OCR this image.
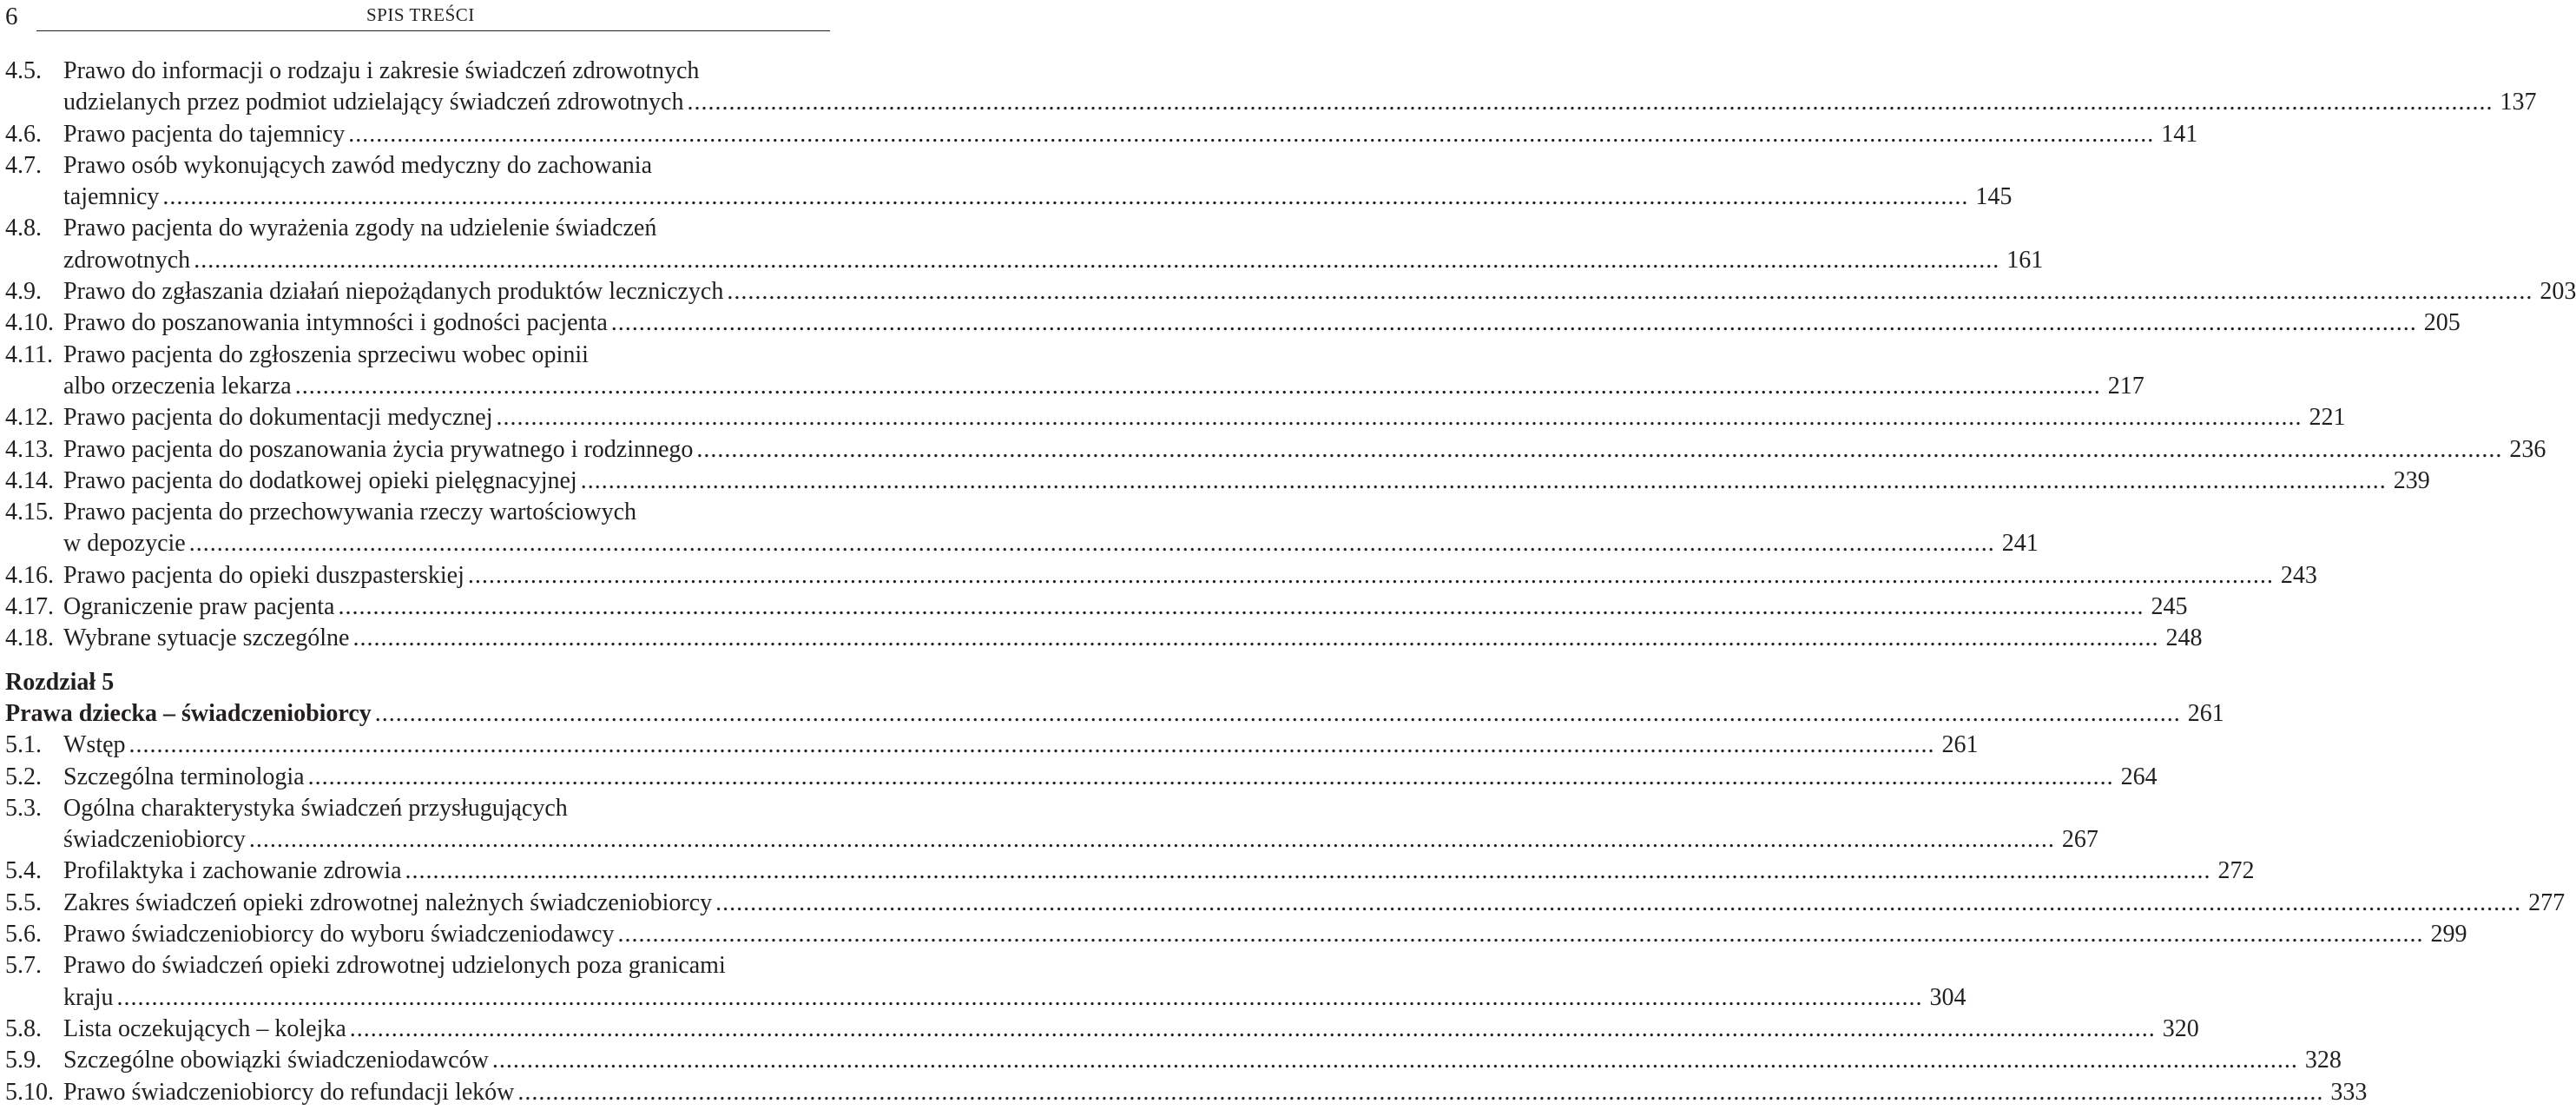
6	SPIS TREŚCI
Prawo do informacji o rodzaju i zakresie świadczeń zdrowotnych
4.5.
udzielanych przez podmiot udzielający świadczeń zdrowotnych .................................................................................................................................................................................................................................................................... 137
Prawo pacjenta do tajemnicy .................................................................................................................................................................................................................................................................... 141
4.6.
Prawo osób wykonujących zawód medyczny do zachowania
4.7.
tajemnicy .................................................................................................................................................................................................................................................................... 145
Prawo pacjenta do wyrażenia zgody na udzielenie świadczeń
4.8.
zdrowotnych .................................................................................................................................................................................................................................................................... 161
Prawo do zgłaszania działań niepożądanych produktów leczniczych .................................................................................................................................................................................................................................................................... 203
4.9.
Prawo do poszanowania intymności i godności pacjenta .................................................................................................................................................................................................................................................................... 205
4.10.
Prawo pacjenta do zgłoszenia sprzeciwu wobec opinii
4.11.
albo orzeczenia lekarza .................................................................................................................................................................................................................................................................... 217
Prawo pacjenta do dokumentacji medycznej .................................................................................................................................................................................................................................................................... 221
4.12.
Prawo pacjenta do poszanowania życia prywatnego i rodzinnego .................................................................................................................................................................................................................................................................... 236
4.13.
Prawo pacjenta do dodatkowej opieki pielęgnacyjnej .................................................................................................................................................................................................................................................................... 239
4.14.
Prawo pacjenta do przechowywania rzeczy wartościowych
4.15.
w depozycie .................................................................................................................................................................................................................................................................... 241
Prawo pacjenta do opieki duszpasterskiej .................................................................................................................................................................................................................................................................... 243
4.16.
Ograniczenie praw pacjenta .................................................................................................................................................................................................................................................................... 245
4.17.
Wybrane sytuacje szczególne .................................................................................................................................................................................................................................................................... 248
4.18.
Rozdział 5
Prawa dziecka – świadczeniobiorcy .................................................................................................................................................................................................................................................................... 261
Wstęp .................................................................................................................................................................................................................................................................... 261
5.1.
Szczególna terminologia .................................................................................................................................................................................................................................................................... 264
5.2.
Ogólna charakterystyka świadczeń przysługujących
5.3.
świadczeniobiorcy .................................................................................................................................................................................................................................................................... 267
Profilaktyka i zachowanie zdrowia .................................................................................................................................................................................................................................................................... 272
5.4.
Zakres świadczeń opieki zdrowotnej należnych świadczeniobiorcy .................................................................................................................................................................................................................................................................... 277
5.5.
Prawo świadczeniobiorcy do wyboru świadczeniodawcy .................................................................................................................................................................................................................................................................... 299
5.6.
Prawo do świadczeń opieki zdrowotnej udzielonych poza granicami
5.7.
kraju .................................................................................................................................................................................................................................................................... 304
Lista oczekujących – kolejka .................................................................................................................................................................................................................................................................... 320
5.8.
Szczególne obowiązki świadczeniodawców .................................................................................................................................................................................................................................................................... 328
5.9.
Prawo świadczeniobiorcy do refundacji leków .................................................................................................................................................................................................................................................................... 333
5.10.
